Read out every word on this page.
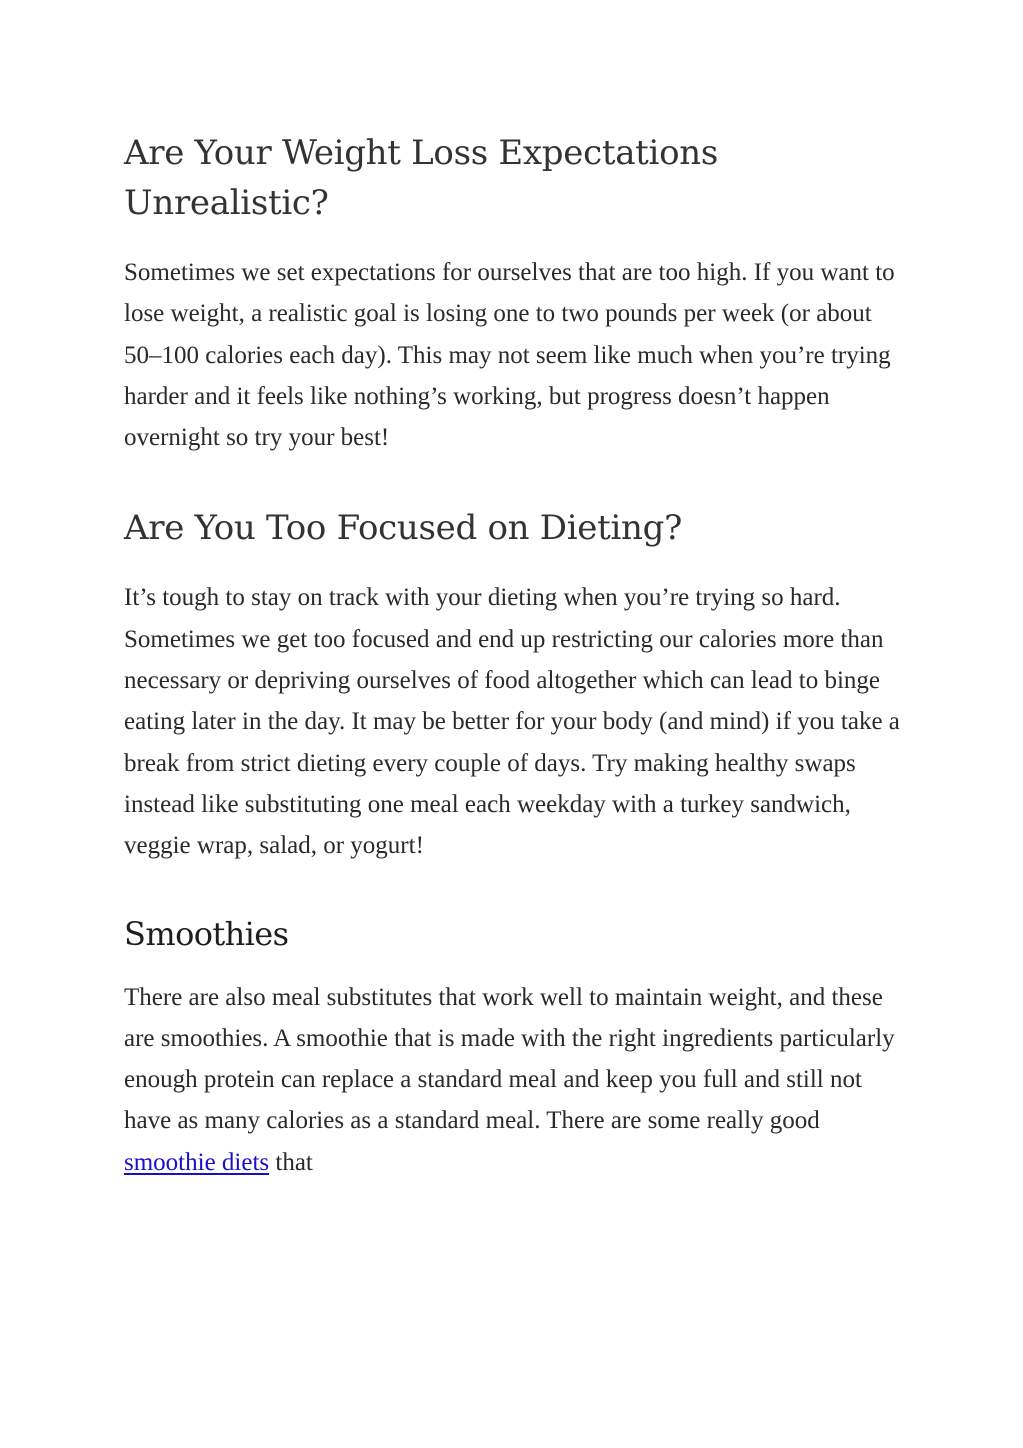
Are Your Weight Loss Expectations Unrealistic?

Sometimes we set expectations for ourselves that are too high. If you want to lose weight, a realistic goal is losing one to two pounds per week (or about 50–100 calories each day). This may not seem like much when you’re trying harder and it feels like nothing’s working, but progress doesn’t happen overnight so try your best!

Are You Too Focused on Dieting?

It’s tough to stay on track with your dieting when you’re trying so hard. Sometimes we get too focused and end up restricting our calories more than necessary or depriving ourselves of food altogether which can lead to binge eating later in the day. It may be better for your body (and mind) if you take a break from strict dieting every couple of days. Try making healthy swaps instead like substituting one meal each weekday with a turkey sandwich, veggie wrap, salad, or yogurt!

Smoothies

There are also meal substitutes that work well to maintain weight, and these are smoothies. A smoothie that is made with the right ingredients particularly enough protein can replace a standard meal and keep you full and still not have as many calories as a standard meal. There are some really good smoothie diets that
